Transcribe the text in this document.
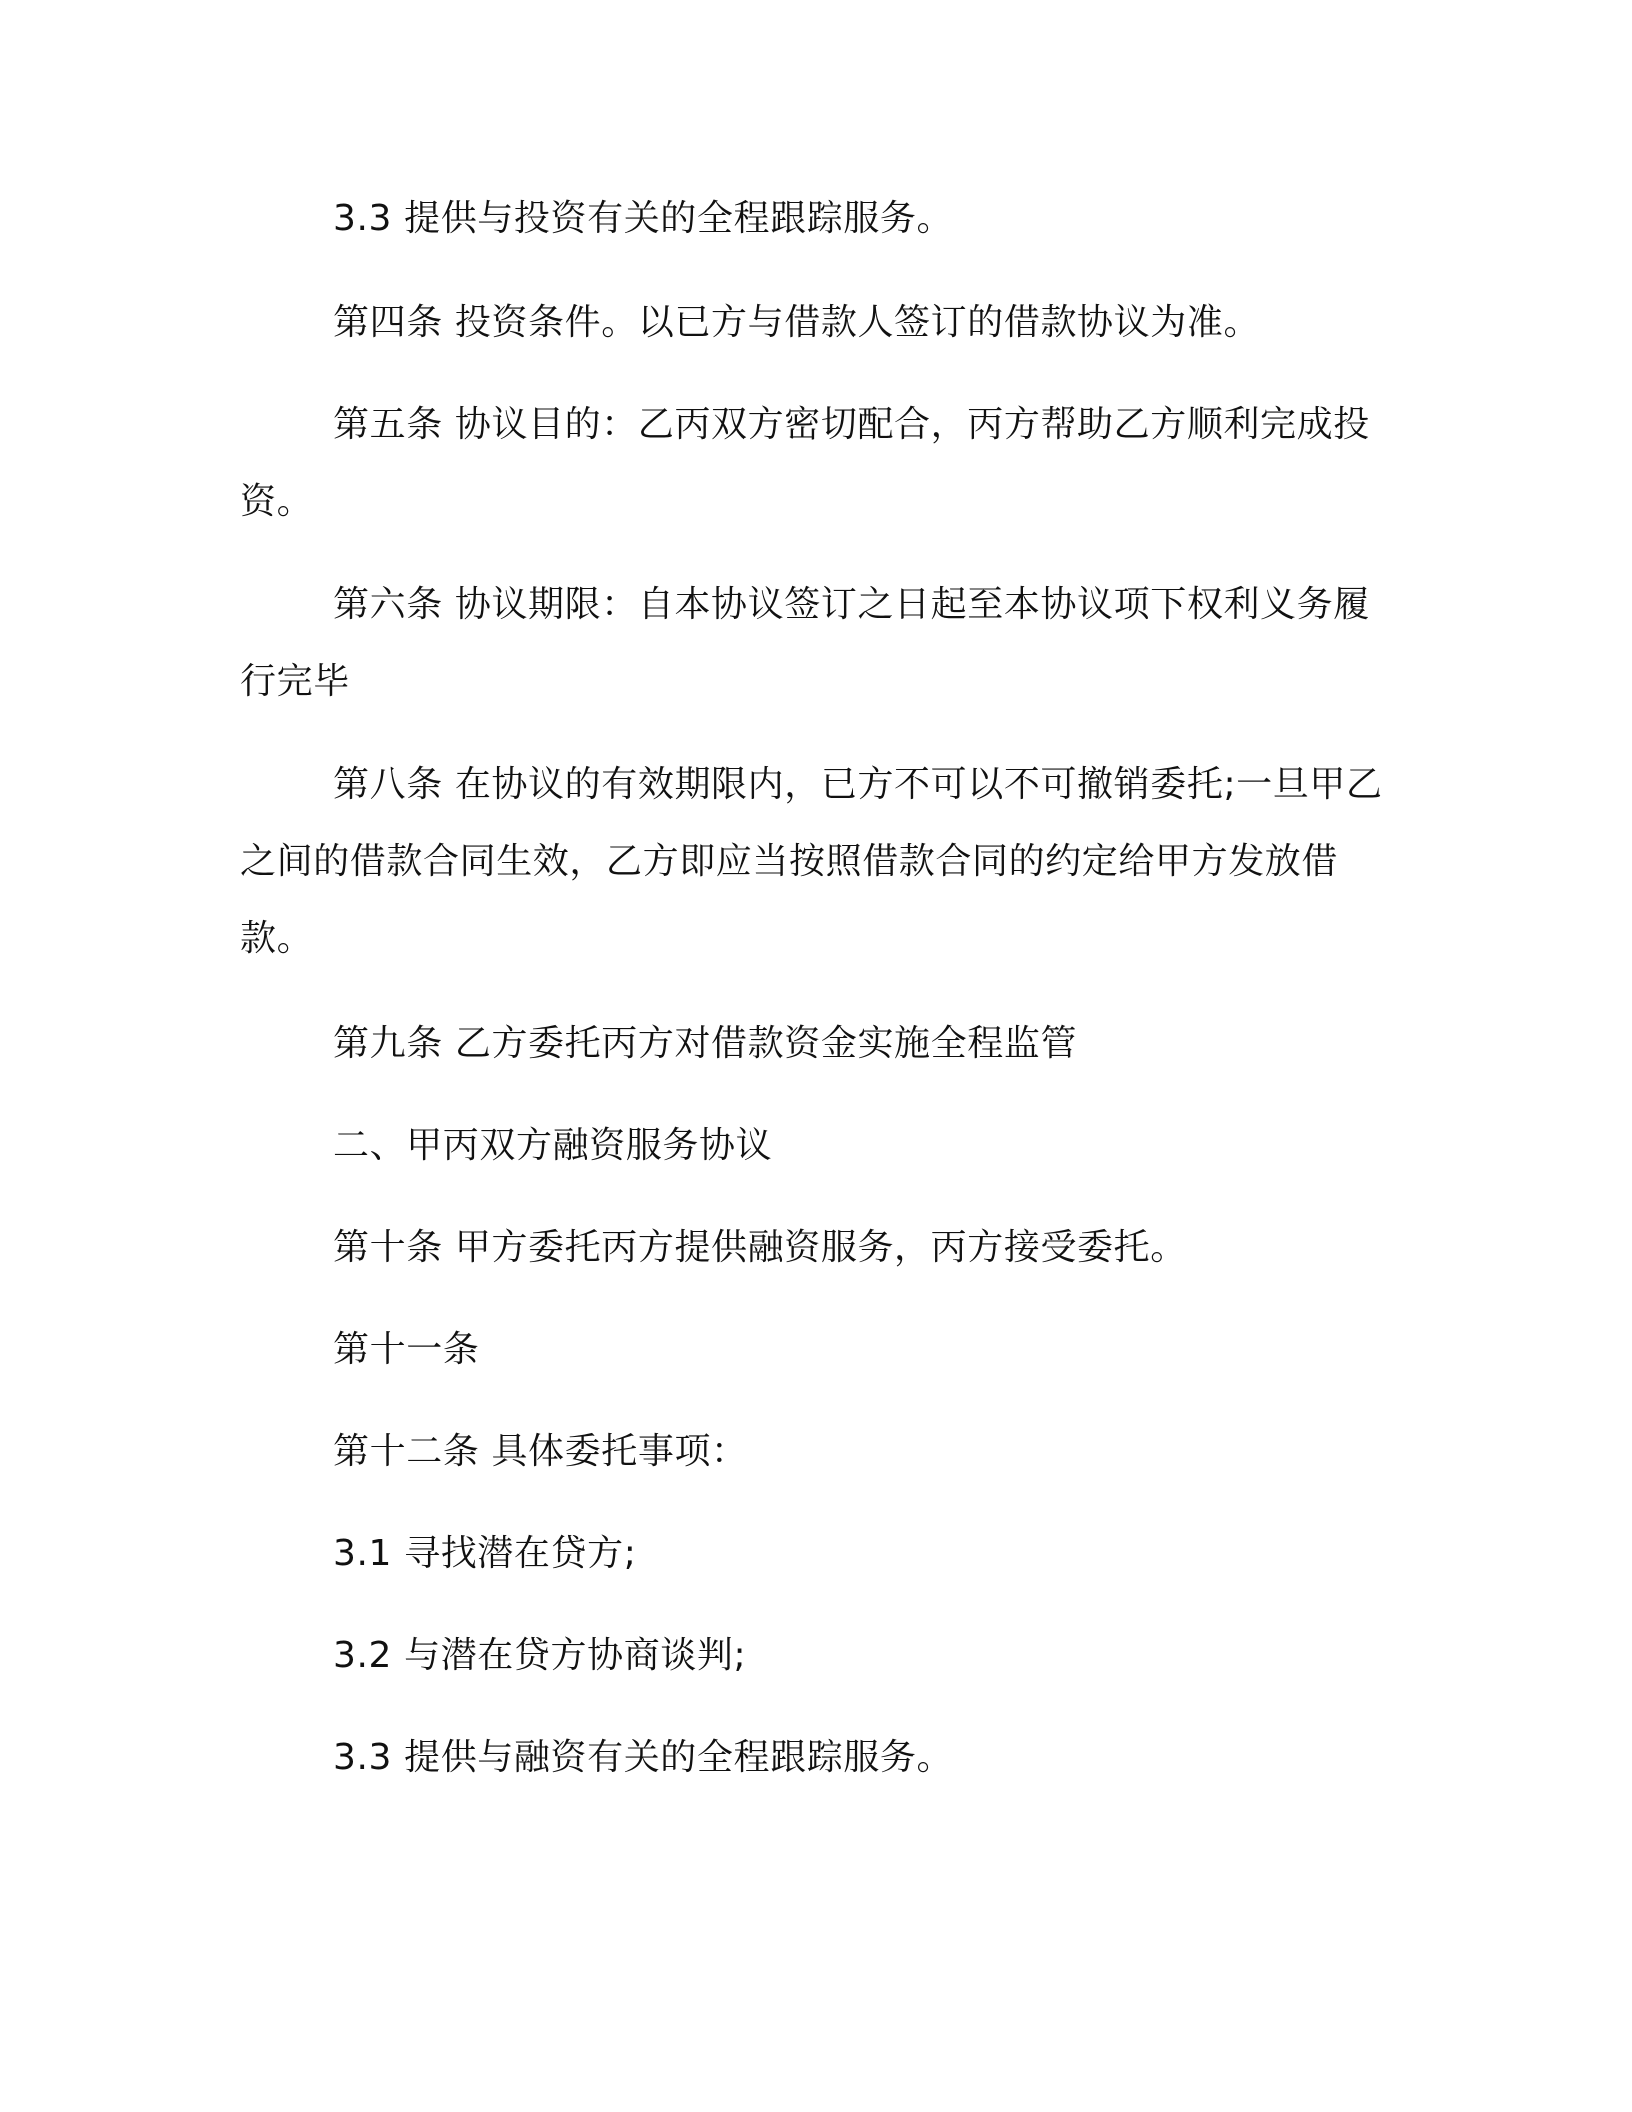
3.3 提供与投资有关的全程跟踪服务。

第四条 投资条件。以已方与借款人签订的借款协议为准。

第五条 协议目的：乙丙双方密切配合，丙方帮助乙方顺利完成投资。

第六条 协议期限：自本协议签订之日起至本协议项下权利义务履行完毕

第八条 在协议的有效期限内，已方不可以不可撤销委托;一旦甲乙之间的借款合同生效，乙方即应当按照借款合同的约定给甲方发放借款。

第九条 乙方委托丙方对借款资金实施全程监管

二、甲丙双方融资服务协议

第十条 甲方委托丙方提供融资服务，丙方接受委托。

第十一条

第十二条 具体委托事项：

3.1 寻找潜在贷方;

3.2 与潜在贷方协商谈判;

3.3 提供与融资有关的全程跟踪服务。
